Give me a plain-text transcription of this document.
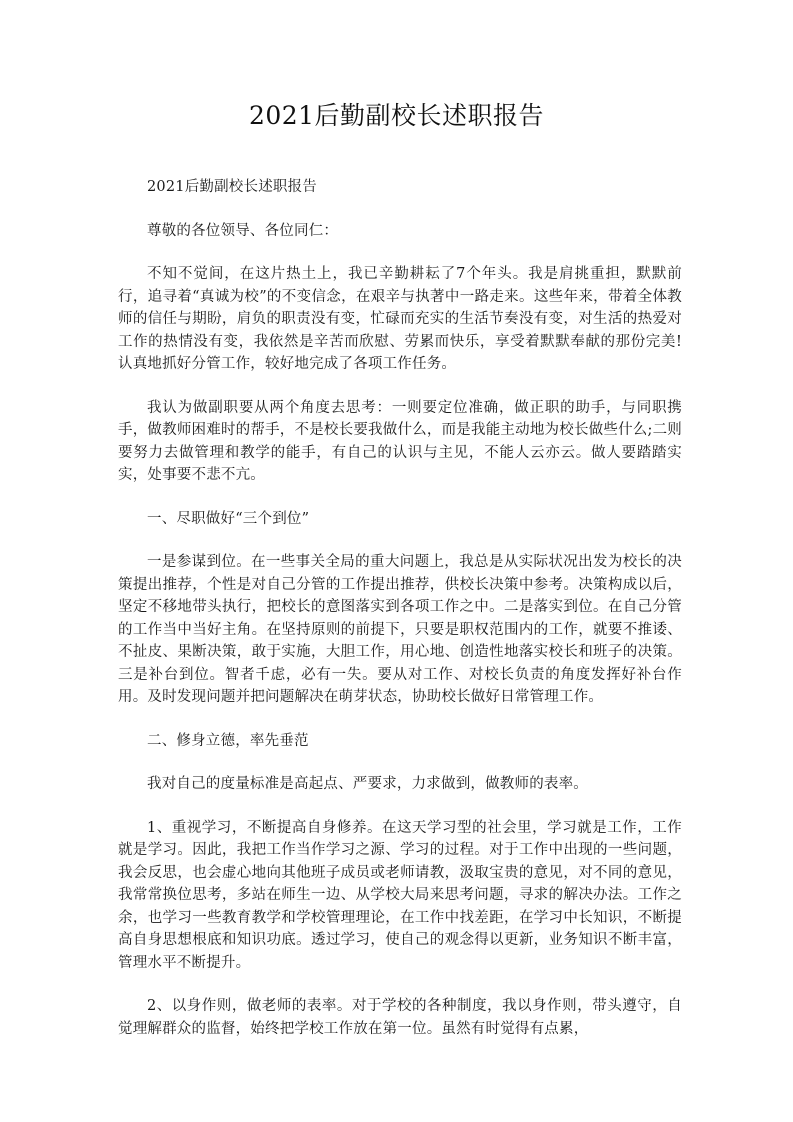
2021后勤副校长述职报告

2021后勤副校长述职报告

尊敬的各位领导、各位同仁：

不知不觉间，在这片热土上，我已辛勤耕耘了7个年头。我是肩挑重担，默默前行，追寻着“真诚为校”的不变信念，在艰辛与执著中一路走来。这些年来，带着全体教师的信任与期盼，肩负的职责没有变，忙碌而充实的生活节奏没有变，对生活的热爱对工作的热情没有变，我依然是辛苦而欣慰、劳累而快乐，享受着默默奉献的那份完美!认真地抓好分管工作，较好地完成了各项工作任务。

我认为做副职要从两个角度去思考：一则要定位准确，做正职的助手，与同职携手，做教师困难时的帮手，不是校长要我做什么，而是我能主动地为校长做些什么;二则要努力去做管理和教学的能手，有自己的认识与主见，不能人云亦云。做人要踏踏实实，处事要不悲不亢。

一、尽职做好“三个到位”

一是参谋到位。在一些事关全局的重大问题上，我总是从实际状况出发为校长的决策提出推荐，个性是对自己分管的工作提出推荐，供校长决策中参考。决策构成以后，坚定不移地带头执行，把校长的意图落实到各项工作之中。二是落实到位。在自己分管的工作当中当好主角。在坚持原则的前提下，只要是职权范围内的工作，就要不推诿、不扯皮、果断决策，敢于实施，大胆工作，用心地、创造性地落实校长和班子的决策。三是补台到位。智者千虑，必有一失。要从对工作、对校长负责的角度发挥好补台作用。及时发现问题并把问题解决在萌芽状态，协助校长做好日常管理工作。

二、修身立德，率先垂范

我对自己的度量标准是高起点、严要求，力求做到，做教师的表率。

1、重视学习，不断提高自身修养。在这天学习型的社会里，学习就是工作，工作就是学习。因此，我把工作当作学习之源、学习的过程。对于工作中出现的一些问题，我会反思，也会虚心地向其他班子成员或老师请教，汲取宝贵的意见，对不同的意见，我常常换位思考，多站在师生一边、从学校大局来思考问题，寻求的解决办法。工作之余，也学习一些教育教学和学校管理理论，在工作中找差距，在学习中长知识，不断提高自身思想根底和知识功底。透过学习，使自己的观念得以更新，业务知识不断丰富，管理水平不断提升。

2、以身作则，做老师的表率。对于学校的各种制度，我以身作则，带头遵守，自觉理解群众的监督，始终把学校工作放在第一位。虽然有时觉得有点累，
